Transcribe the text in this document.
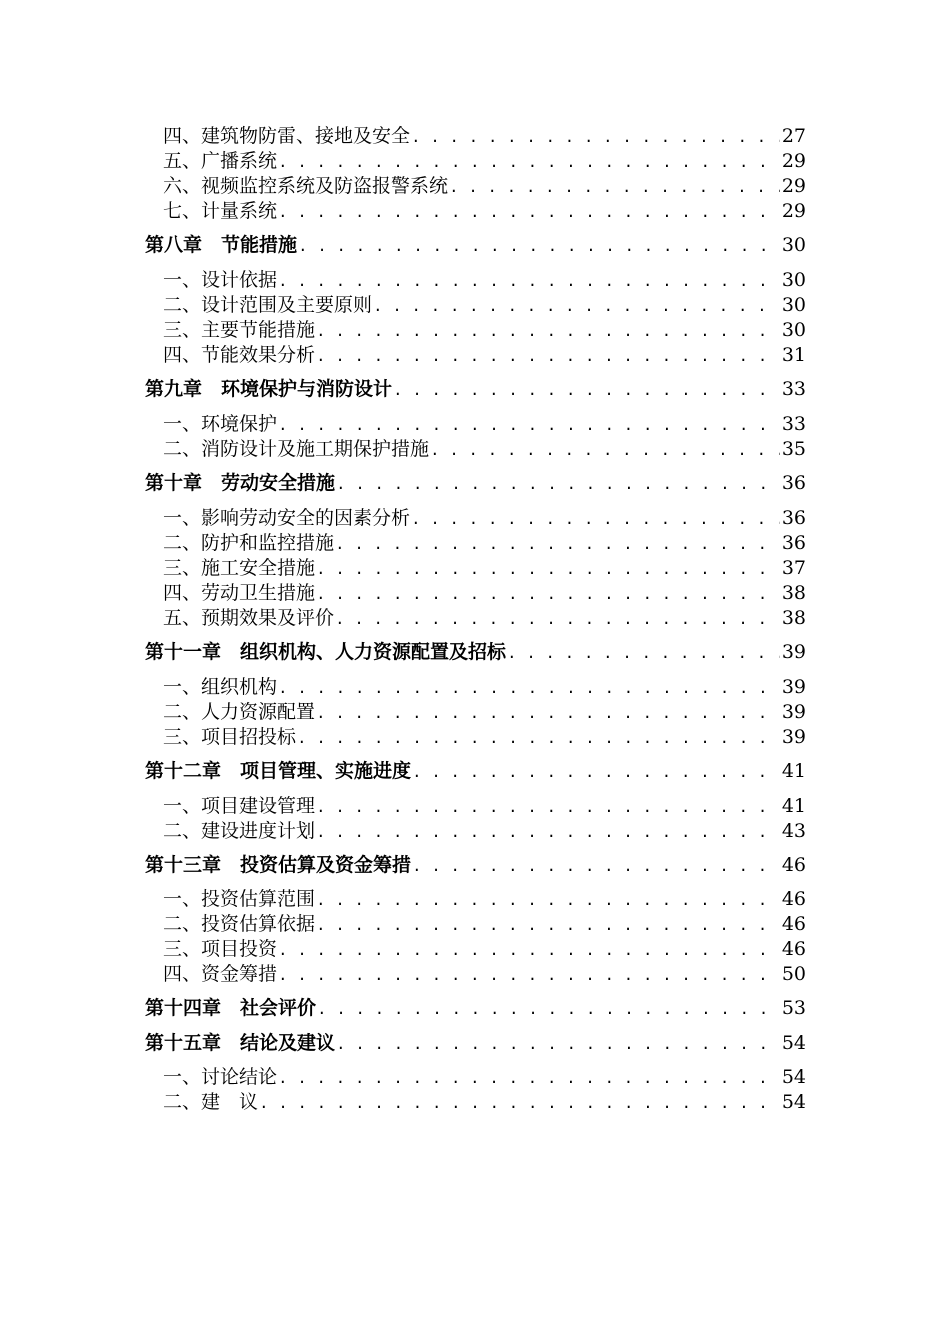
四、建筑物防雷、接地及安全 . . .	27
五、广播系统 . . .	29
六、视频监控系统及防盗报警系统 . . .	29
七、计量系统 . . .	29
第八章　节能措施 . . .	30
一、设计依据 . . .	30
二、设计范围及主要原则 . . .	30
三、主要节能措施 . . .	30
四、节能效果分析 . . .	31
第九章　环境保护与消防设计 . . .	33
一、环境保护 . . .	33
二、消防设计及施工期保护措施 . . .	35
第十章　劳动安全措施 . . .	36
一、影响劳动安全的因素分析 . . .	36
二、防护和监控措施 . . .	36
三、施工安全措施 . . .	37
四、劳动卫生措施 . . .	38
五、预期效果及评价 . . .	38
第十一章　组织机构、人力资源配置及招标 . . .	39
一、组织机构 . . .	39
二、人力资源配置 . . .	39
三、项目招投标 . . .	39
第十二章　项目管理、实施进度 . . .	41
一、项目建设管理 . . .	41
二、建设进度计划 . . .	43
第十三章　投资估算及资金筹措 . . .	46
一、投资估算范围 . . .	46
二、投资估算依据 . . .	46
三、项目投资 . . .	46
四、资金筹措 . . .	50
第十四章　社会评价 . . .	53
第十五章　结论及建议 . . .	54
一、讨论结论 . . .	54
二、建　议 . . .	54
